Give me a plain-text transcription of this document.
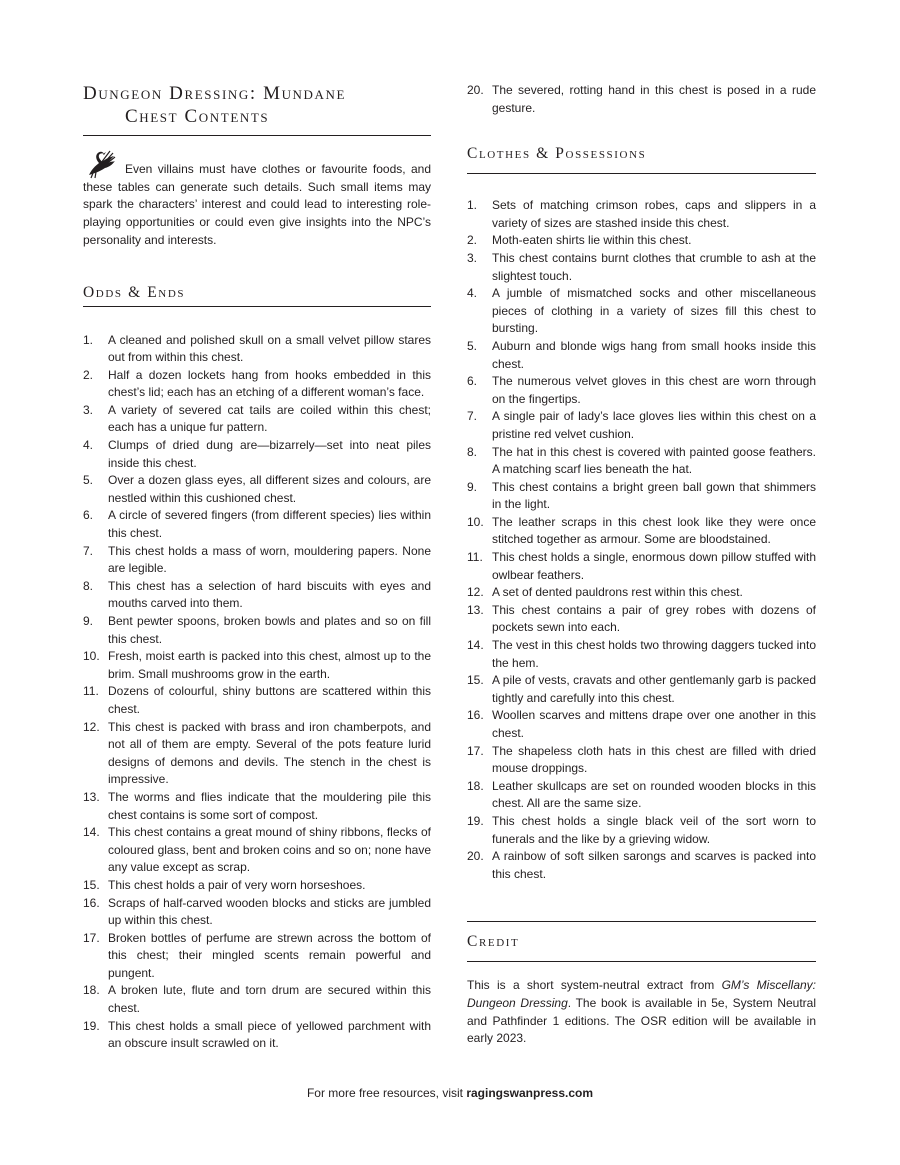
Dungeon Dressing: Mundane
Chest Contents

Even villains must have clothes or favourite foods, and these tables can generate such details. Such small items may spark the characters’ interest and could lead to interesting role-playing opportunities or could even give insights into the NPC’s personality and interests.

Odds & Ends
1. A cleaned and polished skull on a small velvet pillow stares out from within this chest.
2. Half a dozen lockets hang from hooks embedded in this chest’s lid; each has an etching of a different woman’s face.
3. A variety of severed cat tails are coiled within this chest; each has a unique fur pattern.
4. Clumps of dried dung are—bizarrely—set into neat piles inside this chest.
5. Over a dozen glass eyes, all different sizes and colours, are nestled within this cushioned chest.
6. A circle of severed fingers (from different species) lies within this chest.
7. This chest holds a mass of worn, mouldering papers. None are legible.
8. This chest has a selection of hard biscuits with eyes and mouths carved into them.
9. Bent pewter spoons, broken bowls and plates and so on fill this chest.
10. Fresh, moist earth is packed into this chest, almost up to the brim. Small mushrooms grow in the earth.
11. Dozens of colourful, shiny buttons are scattered within this chest.
12. This chest is packed with brass and iron chamberpots, and not all of them are empty. Several of the pots feature lurid designs of demons and devils. The stench in the chest is impressive.
13. The worms and flies indicate that the mouldering pile this chest contains is some sort of compost.
14. This chest contains a great mound of shiny ribbons, flecks of coloured glass, bent and broken coins and so on; none have any value except as scrap.
15. This chest holds a pair of very worn horseshoes.
16. Scraps of half-carved wooden blocks and sticks are jumbled up within this chest.
17. Broken bottles of perfume are strewn across the bottom of this chest; their mingled scents remain powerful and pungent.
18. A broken lute, flute and torn drum are secured within this chest.
19. This chest holds a small piece of yellowed parchment with an obscure insult scrawled on it.
20. The severed, rotting hand in this chest is posed in a rude gesture.
Clothes & Possessions
1. Sets of matching crimson robes, caps and slippers in a variety of sizes are stashed inside this chest.
2. Moth-eaten shirts lie within this chest.
3. This chest contains burnt clothes that crumble to ash at the slightest touch.
4. A jumble of mismatched socks and other miscellaneous pieces of clothing in a variety of sizes fill this chest to bursting.
5. Auburn and blonde wigs hang from small hooks inside this chest.
6. The numerous velvet gloves in this chest are worn through on the fingertips.
7. A single pair of lady’s lace gloves lies within this chest on a pristine red velvet cushion.
8. The hat in this chest is covered with painted goose feathers. A matching scarf lies beneath the hat.
9. This chest contains a bright green ball gown that shimmers in the light.
10. The leather scraps in this chest look like they were once stitched together as armour. Some are bloodstained.
11. This chest holds a single, enormous down pillow stuffed with owlbear feathers.
12. A set of dented pauldrons rest within this chest.
13. This chest contains a pair of grey robes with dozens of pockets sewn into each.
14. The vest in this chest holds two throwing daggers tucked into the hem.
15. A pile of vests, cravats and other gentlemanly garb is packed tightly and carefully into this chest.
16. Woollen scarves and mittens drape over one another in this chest.
17. The shapeless cloth hats in this chest are filled with dried mouse droppings.
18. Leather skullcaps are set on rounded wooden blocks in this chest. All are the same size.
19. This chest holds a single black veil of the sort worn to funerals and the like by a grieving widow.
20. A rainbow of soft silken sarongs and scarves is packed into this chest.
Credit

This is a short system-neutral extract from GM’s Miscellany: Dungeon Dressing. The book is available in 5e, System Neutral and Pathfinder 1 editions. The OSR edition will be available in early 2023.

For more free resources, visit ragingswanpress.com
